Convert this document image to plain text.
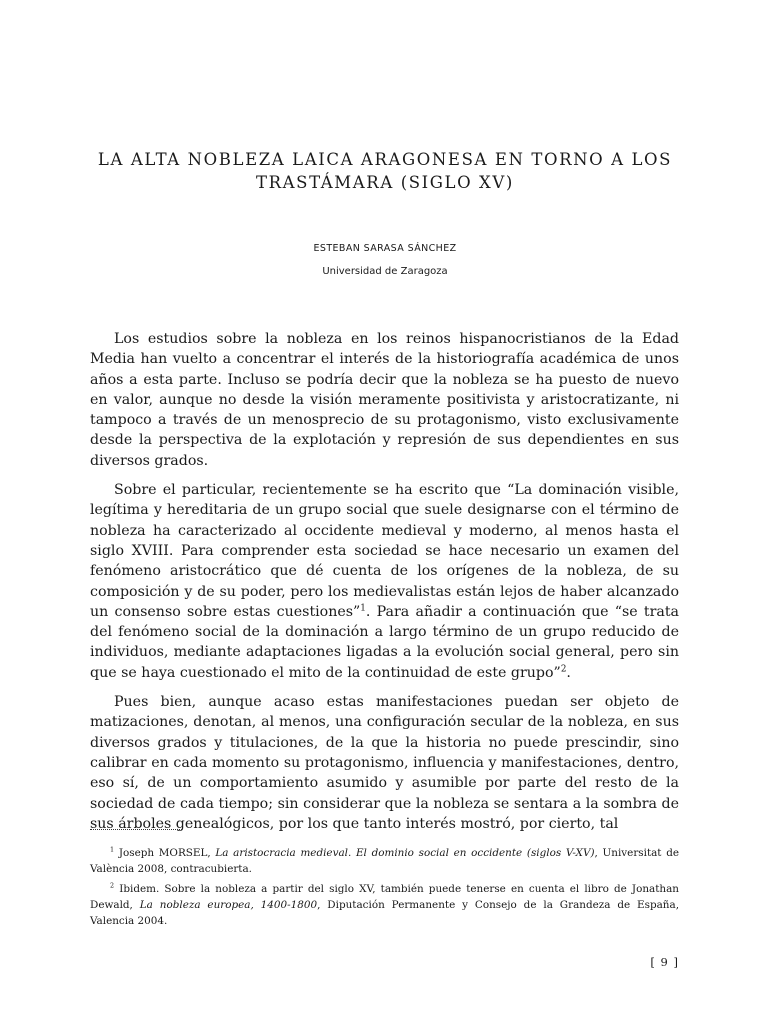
LA ALTA NOBLEZA LAICA ARAGONESA EN TORNO A LOS
TRASTÁMARA (SIGLO XV)
ESTEBAN SARASA SÁNCHEZ
Universidad de Zaragoza

Los estudios sobre la nobleza en los reinos hispanocristianos de la Edad Media han vuelto a concentrar el interés de la historiografía académica de unos años a esta parte. Incluso se podría decir que la nobleza se ha puesto de nuevo en valor, aunque no desde la visión meramente positivista y aristocratizante, ni tampoco a través de un menosprecio de su protagonismo, visto exclusivamente desde la perspectiva de la explotación y represión de sus dependientes en sus diversos grados.

Sobre el particular, recientemente se ha escrito que “La dominación visible, legítima y hereditaria de un grupo social que suele designarse con el término de nobleza ha caracterizado al occidente medieval y moderno, al menos hasta el siglo XVIII. Para comprender esta sociedad se hace necesario un examen del fenómeno aristocrático que dé cuenta de los orígenes de la nobleza, de su composición y de su poder, pero los medievalistas están lejos de haber alcanzado un consenso sobre estas cuestiones”$^1$. Para añadir a continuación que “se trata del fenómeno social de la dominación a largo término de un grupo reducido de individuos, mediante adaptaciones ligadas a la evolución social general, pero sin que se haya cuestionado el mito de la continuidad de este grupo”$^2$.

Pues bien, aunque acaso estas manifestaciones puedan ser objeto de matizaciones, denotan, al menos, una configuración secular de la nobleza, en sus diversos grados y titulaciones, de la que la historia no puede prescindir, sino calibrar en cada momento su protagonismo, influencia y manifestaciones, dentro, eso sí, de un comportamiento asumido y asumible por parte del resto de la sociedad de cada tiempo; sin considerar que la nobleza se sentara a la sombra de sus árboles genealógicos, por los que tanto interés mostró, por cierto, tal

$^1$ Joseph MORSEL, La aristocracia medieval. El dominio social en occidente (siglos V-XV), Universitat de València 2008, contracubierta.

$^2$ Ibidem. Sobre la nobleza a partir del siglo XV, también puede tenerse en cuenta el libro de Jonathan Dewald, La nobleza europea, 1400-1800, Diputación Permanente y Consejo de la Grandeza de España, Valencia 2004.

[ 9 ]
